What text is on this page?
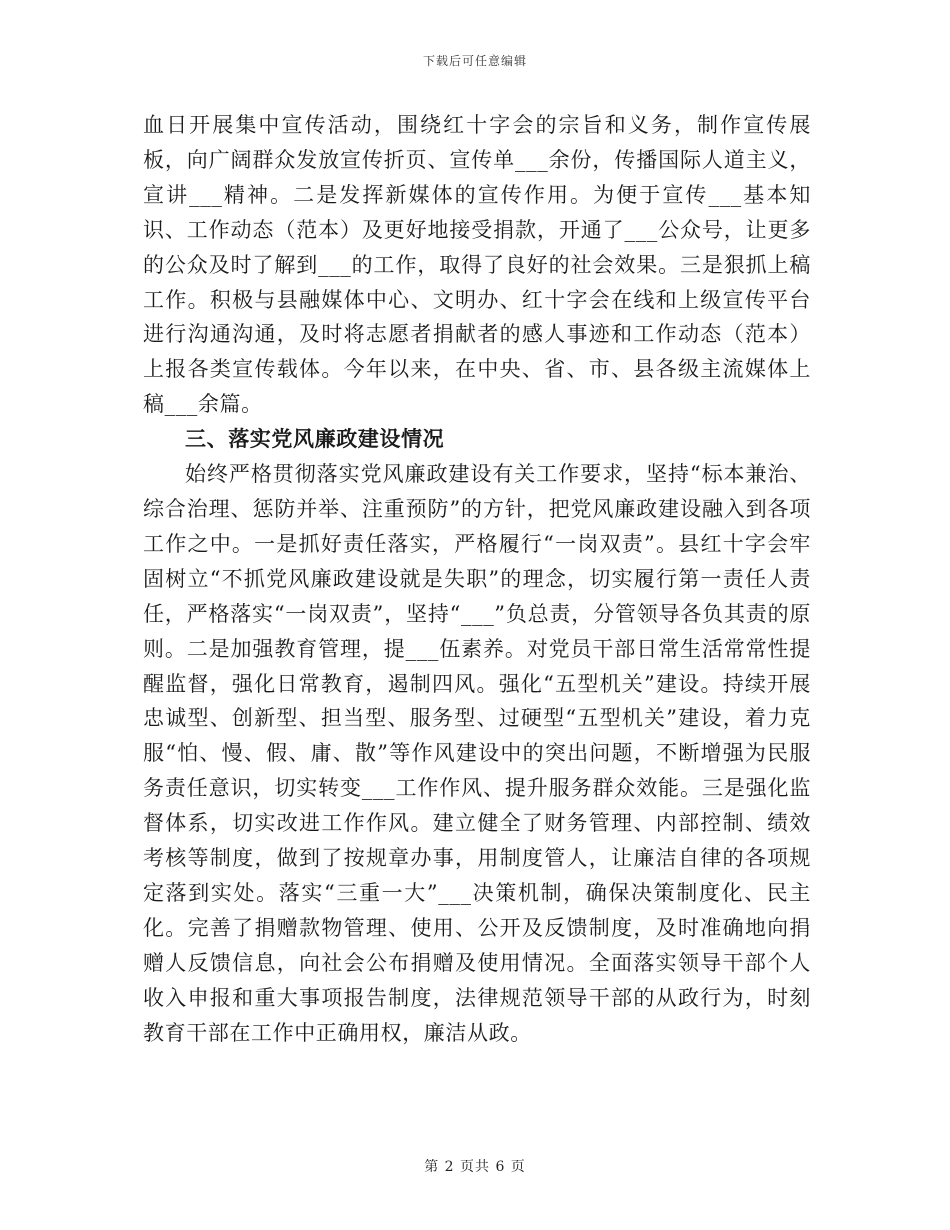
下载后可任意编辑

血日开展集中宣传活动，围绕红十字会的宗旨和义务，制作宣传展板，向广阔群众发放宣传折页、宣传单___余份，传播国际人道主义，宣讲___精神。二是发挥新媒体的宣传作用。为便于宣传___基本知识、工作动态（范本）及更好地接受捐款，开通了___公众号，让更多的公众及时了解到___的工作，取得了良好的社会效果。三是狠抓上稿工作。积极与县融媒体中心、文明办、红十字会在线和上级宣传平台进行沟通沟通，及时将志愿者捐献者的感人事迹和工作动态（范本）上报各类宣传载体。今年以来，在中央、省、市、县各级主流媒体上稿___余篇。

三、落实党风廉政建设情况

始终严格贯彻落实党风廉政建设有关工作要求，坚持“标本兼治、综合治理、惩防并举、注重预防”的方针，把党风廉政建设融入到各项工作之中。一是抓好责任落实，严格履行“一岗双责”。县红十字会牢固树立“不抓党风廉政建设就是失职”的理念，切实履行第一责任人责任，严格落实“一岗双责”，坚持“___”负总责，分管领导各负其责的原则。二是加强教育管理，提___伍素养。对党员干部日常生活常常性提醒监督，强化日常教育，遏制四风。强化“五型机关”建设。持续开展忠诚型、创新型、担当型、服务型、过硬型“五型机关”建设，着力克服“怕、慢、假、庸、散”等作风建设中的突出问题，不断增强为民服务责任意识，切实转变___工作作风、提升服务群众效能。三是强化监督体系，切实改进工作作风。建立健全了财务管理、内部控制、绩效考核等制度，做到了按规章办事，用制度管人，让廉洁自律的各项规定落到实处。落实“三重一大”___决策机制，确保决策制度化、民主化。完善了捐赠款物管理、使用、公开及反馈制度，及时准确地向捐赠人反馈信息，向社会公布捐赠及使用情况。全面落实领导干部个人收入申报和重大事项报告制度，法律规范领导干部的从政行为，时刻教育干部在工作中正确用权，廉洁从政。

第 2 页共 6 页
